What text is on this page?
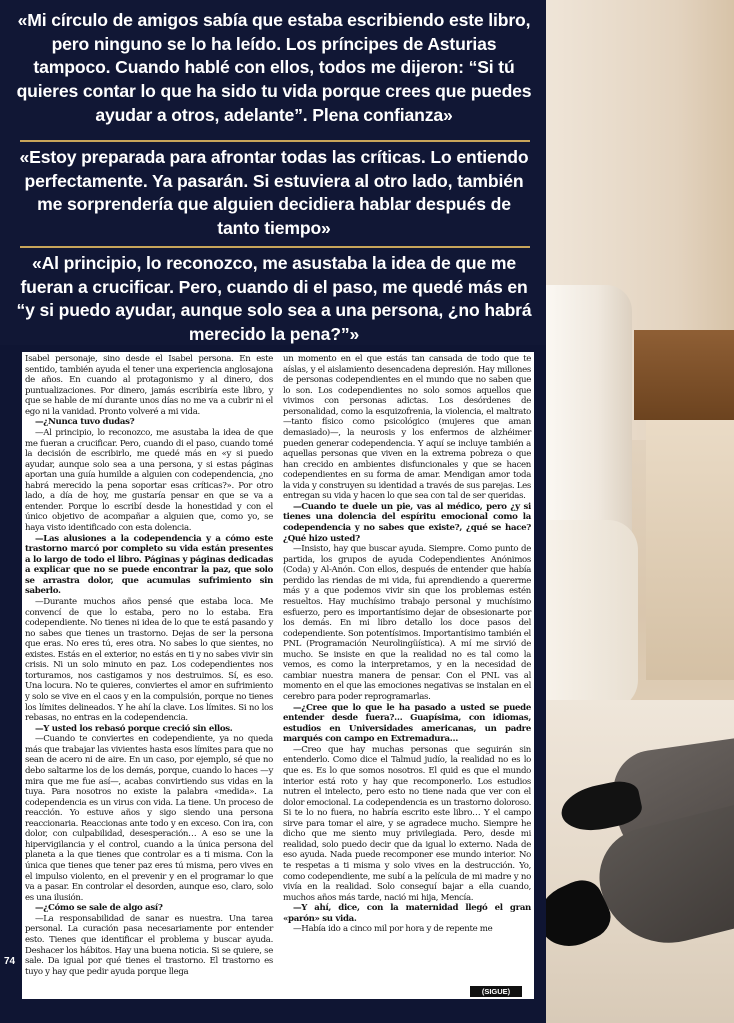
«Mi círculo de amigos sabía que estaba escribiendo este libro, pero ninguno se lo ha leído. Los príncipes de Asturias tampoco. Cuando hablé con ellos, todos me dijeron: “Si tú quieres contar lo que ha sido tu vida porque crees que puedes ayudar a otros, adelante”. Plena confianza»

«Estoy preparada para afrontar todas las críticas. Lo entiendo perfectamente. Ya pasarán. Si estuviera al otro lado, también me sorprendería que alguien decidiera hablar después de tanto tiempo»

«Al principio, lo reconozco, me asustaba la idea de que me fueran a crucificar. Pero, cuando di el paso, me quedé más en “y si puedo ayudar, aunque solo sea a una persona, ¿no habrá merecido la pena?”»

Isabel personaje, sino desde el Isabel persona. En este sentido, también ayuda el tener una experiencia anglosajona de años. En cuando al protagonismo y al dinero, dos puntualizaciones. Por dinero, jamás escribiría este libro, y que se hable de mí durante unos días no me va a cubrir ni el ego ni la vanidad. Pronto volveré a mi vida.

—¿Nunca tuvo dudas?

—Al principio, lo reconozco, me asustaba la idea de que me fueran a crucificar. Pero, cuando di el paso, cuando tomé la decisión de escribirlo, me quedé más en «y si puedo ayudar, aunque solo sea a una persona, y si estas páginas aportan una guía humilde a alguien con codependencia, ¿no habrá merecido la pena soportar esas críticas?». Por otro lado, a día de hoy, me gustaría pensar en que se va a entender. Porque lo escribí desde la honestidad y con el único objetivo de acompañar a alguien que, como yo, se haya visto identificado con esta dolencia.

—Las alusiones a la codependencia y a cómo este trastorno marcó por completo su vida están presentes a lo largo de todo el libro. Páginas y páginas dedicadas a explicar que no se puede encontrar la paz, que solo se arrastra dolor, que acumulas sufrimiento sin saberlo.

—Durante muchos años pensé que estaba loca. Me convencí de que lo estaba, pero no lo estaba. Era codependiente. No tienes ni idea de lo que te está pasando y no sabes que tienes un trastorno. Dejas de ser la persona que eras. No eres tú, eres otra. No sabes lo que sientes, no existes. Estás en el exterior, no estás en ti y no sabes vivir sin crisis. Ni un solo minuto en paz. Los codependientes nos torturamos, nos castigamos y nos destruimos. Sí, es eso. Una locura. No te quieres, conviertes el amor en sufrimiento y solo se vive en el caos y en la compulsión, porque no tienes los límites delineados. Y he ahí la clave. Los límites. Si no los rebasas, no entras en la codependencia.

—Y usted los rebasó porque creció sin ellos.

—Cuando te conviertes en codependiente, ya no queda más que trabajar las vivientes hasta esos límites para que no sean de acero ni de aire. En un caso, por ejemplo, sé que no debo saltarme los de los demás, porque, cuando lo haces —y mira que me fue así—, acabas convirtiendo sus vidas en la tuya. Para nosotros no existe la palabra «medida». La codependencia es un virus con vida. La tiene. Un proceso de reacción. Yo estuve años y sigo siendo una persona reaccionaria. Reaccionas ante todo y en exceso. Con ira, con dolor, con culpabilidad, desesperación… A eso se une la hipervigilancia y el control, cuando a la única persona del planeta a la que tienes que controlar es a ti misma. Con la única que tienes que tener paz eres tú misma, pero vives en el impulso violento, en el prevenir y en el programar lo que va a pasar. En controlar el desorden, aunque eso, claro, solo es una ilusión.

—¿Cómo se sale de algo así?

—La responsabilidad de sanar es nuestra. Una tarea personal. La curación pasa necesariamente por entender esto. Tienes que identificar el problema y buscar ayuda. Deshacer los hábitos. Hay una buena noticia. Si se quiere, se sale. Da igual por qué tienes el trastorno. El trastorno es tuyo y hay que pedir ayuda porque llega

un momento en el que estás tan cansada de todo que te aíslas, y el aislamiento desencadena depresión. Hay millones de personas codependientes en el mundo que no saben que lo son. Los codependientes no solo somos aquellos que vivimos con personas adictas. Los desórdenes de personalidad, como la esquizofrenia, la violencia, el maltrato —tanto físico como psicológico (mujeres que aman demasiado)—, la neurosis y los enfermos de alzhéimer pueden generar codependencia. Y aquí se incluye también a aquellas personas que viven en la extrema pobreza o que han crecido en ambientes disfuncionales y que se hacen codependientes en su forma de amar. Mendigan amor toda la vida y construyen su identidad a través de sus parejas. Les entregan su vida y hacen lo que sea con tal de ser queridas.

—Cuando te duele un pie, vas al médico, pero ¿y si tienes una dolencia del espíritu emocional como la codependencia y no sabes que existe?, ¿qué se hace? ¿Qué hizo usted?

—Insisto, hay que buscar ayuda. Siempre. Como punto de partida, los grupos de ayuda Codependientes Anónimos (Coda) y Al-Anón. Con ellos, después de entender que había perdido las riendas de mi vida, fui aprendiendo a quererme más y a que podemos vivir sin que los problemas estén resueltos. Hay muchísimo trabajo personal y muchísimo esfuerzo, pero es importantísimo dejar de obsesionarte por los demás. En mi libro detallo los doce pasos del codependiente. Son potentísimos. Importantísimo también el PNL (Programación Neurolingüística). A mí me sirvió de mucho. Se insiste en que la realidad no es tal como la vemos, es como la interpretamos, y en la necesidad de cambiar nuestra manera de pensar. Con el PNL vas al momento en el que las emociones negativas se instalan en el cerebro para poder reprogramarlas.

—¿Cree que lo que le ha pasado a usted se puede entender desde fuera?… Guapísima, con idiomas, estudios en Universidades americanas, un padre marqués con campo en Extremadura…

—Creo que hay muchas personas que seguirán sin entenderlo. Como dice el Talmud judío, la realidad no es lo que es. Es lo que somos nosotros. El quid es que el mundo interior está roto y hay que recomponerlo. Los estudios nutren el intelecto, pero esto no tiene nada que ver con el dolor emocional. La codependencia es un trastorno doloroso. Si te lo no fuera, no habría escrito este libro… Y el campo sirve para tomar el aire, y se agradece mucho. Siempre he dicho que me siento muy privilegiada. Pero, desde mi realidad, solo puedo decir que da igual lo externo. Nada de eso ayuda. Nada puede recomponer ese mundo interior. No te respetas a ti misma y solo vives en la destrucción. Yo, como codependiente, me subí a la película de mi madre y no vivía en la realidad. Solo conseguí bajar a ella cuando, muchos años más tarde, nació mi hija, Mencía.

—Y ahí, dice, con la maternidad llegó el gran «parón» su vida.

—Había ido a cinco mil por hora y de repente me

74
(SIGUE)
